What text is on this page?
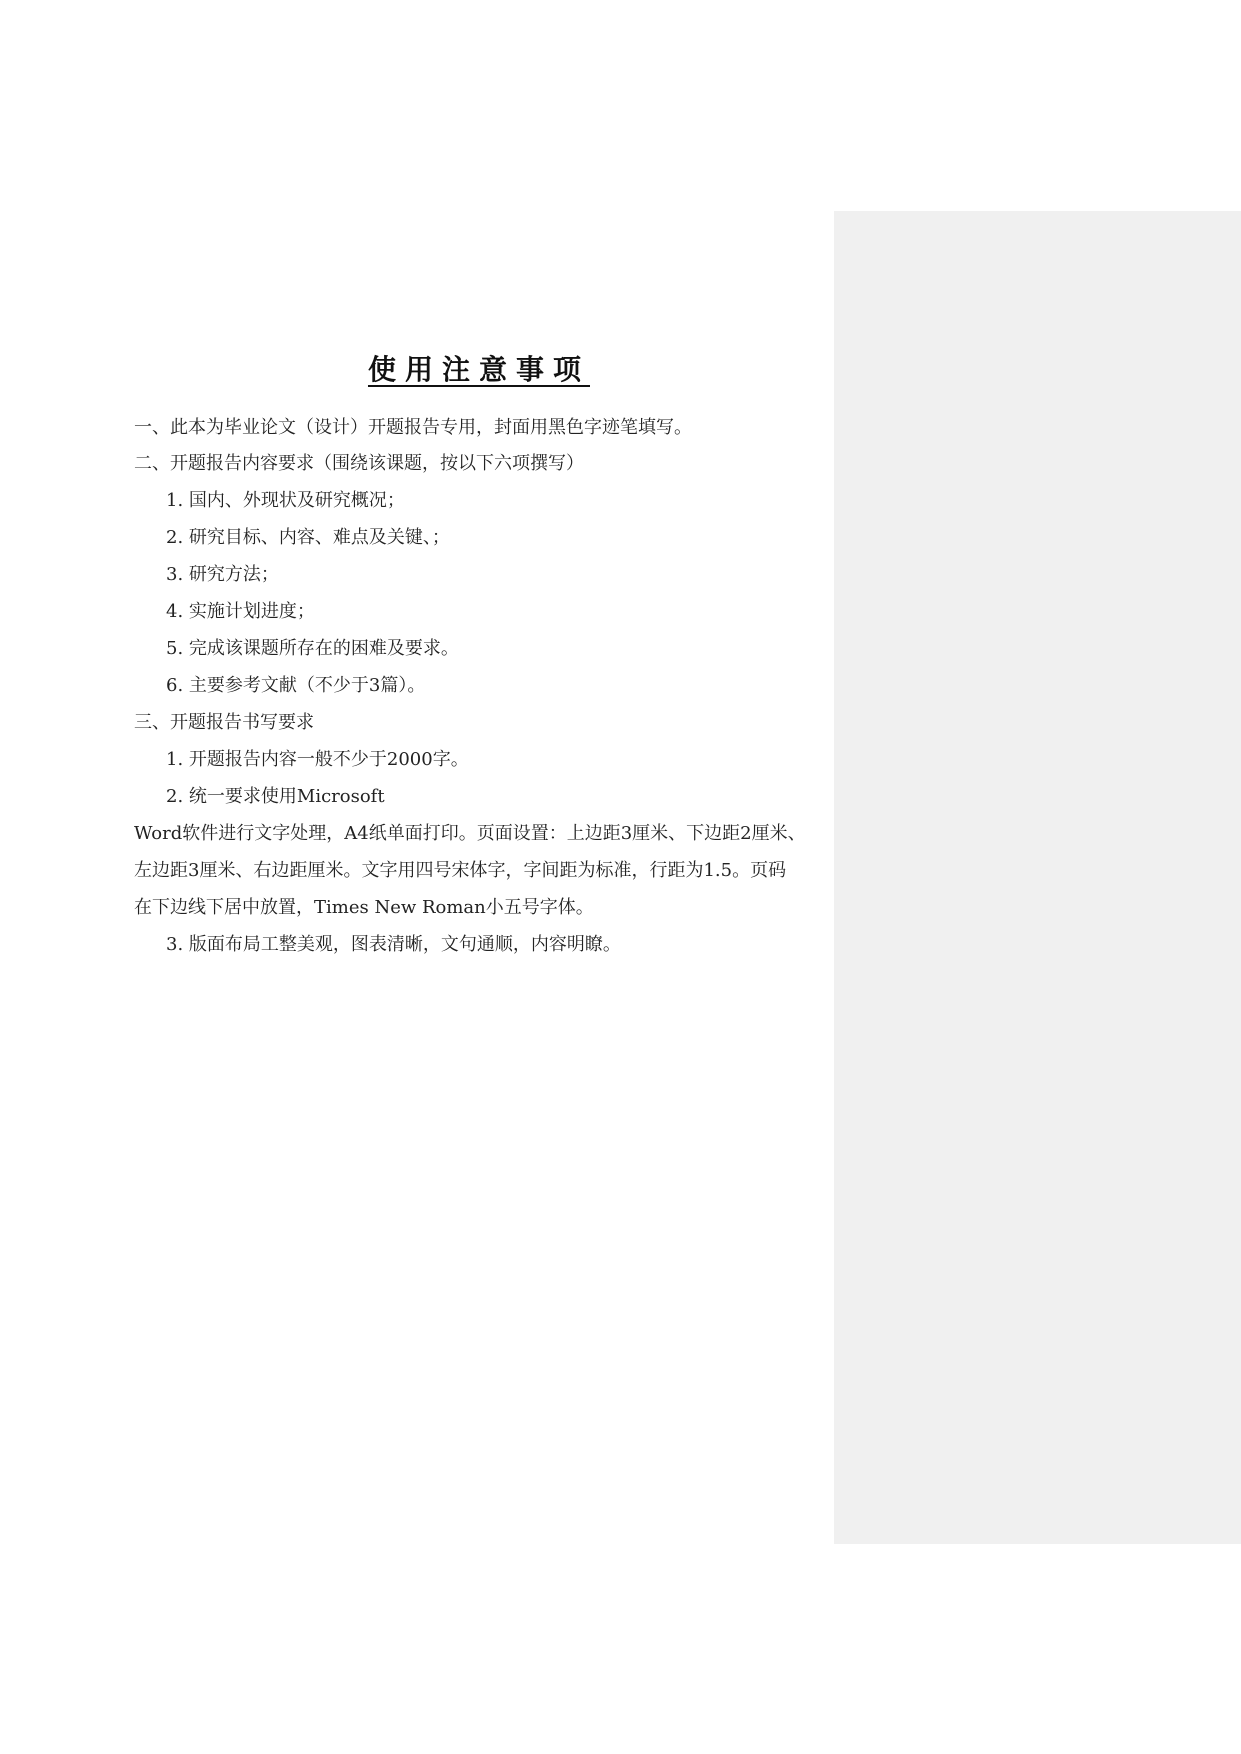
使用注意事项
一、此本为毕业论文（设计）开题报告专用，封面用黑色字迹笔填写。
二、开题报告内容要求（围绕该课题，按以下六项撰写）
1. 国内、外现状及研究概况；
2. 研究目标、内容、难点及关键、；
3. 研究方法；
4. 实施计划进度；
5. 完成该课题所存在的困难及要求。
6. 主要参考文献（不少于3篇）。
三、开题报告书写要求
1. 开题报告内容一般不少于2000字。
2. 统一要求使用Microsoft
Word软件进行文字处理，A4纸单面打印。页面设置：上边距3厘米、下边距2厘米、
左边距3厘米、右边距厘米。文字用四号宋体字，字间距为标准，行距为1.5。页码
在下边线下居中放置，Times New Roman小五号字体。
3. 版面布局工整美观，图表清晰，文句通顺，内容明瞭。
